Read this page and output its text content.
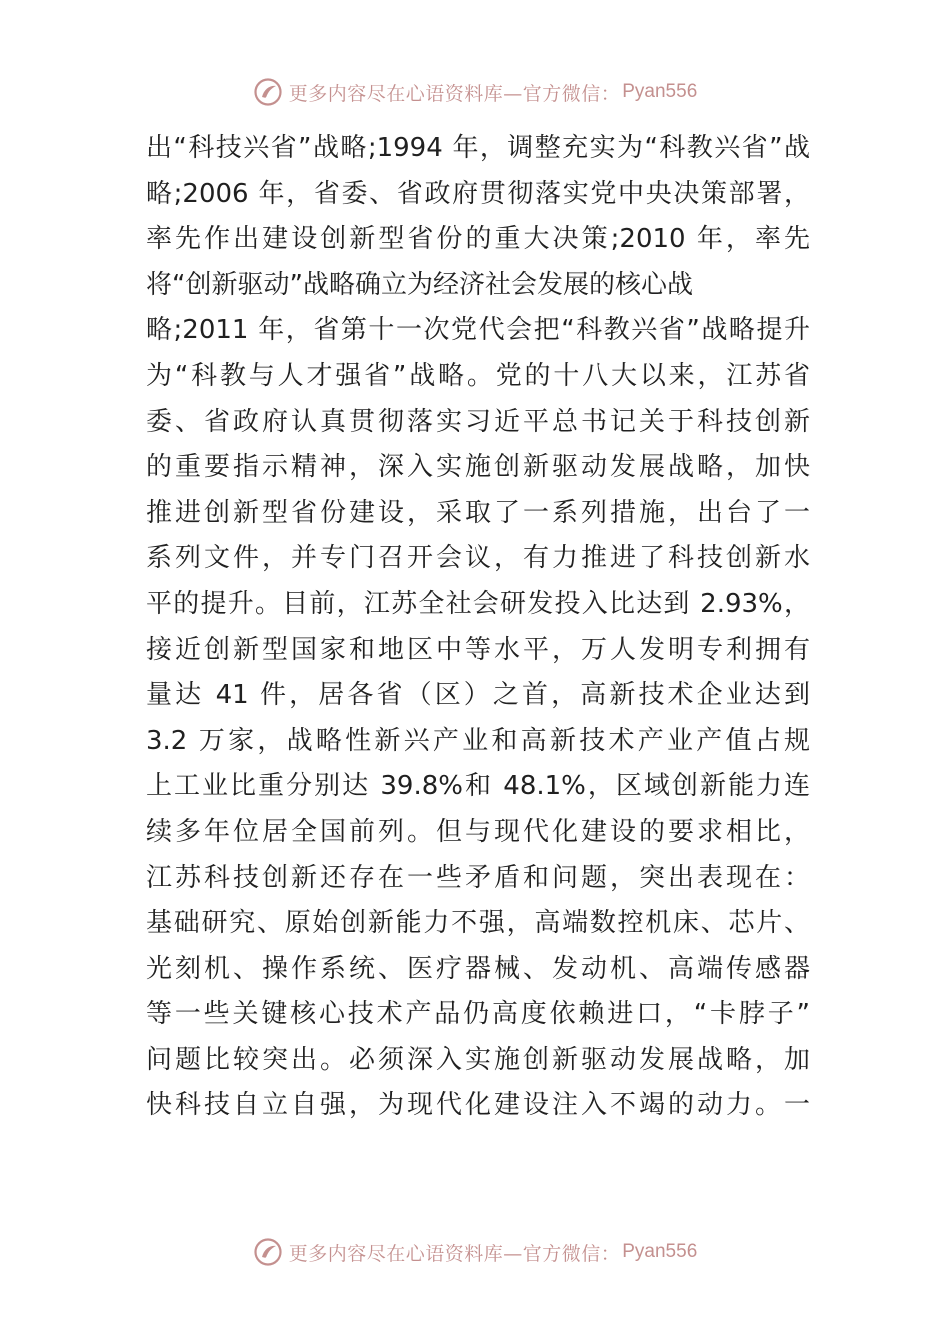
更多内容尽在心语资料库—官方微信： Pyan556
出“科技兴省”战略;1994 年，调整充实为“科教兴省”战
略;2006 年，省委、省政府贯彻落实党中央决策部署，
率先作出建设创新型省份的重大决策;2010 年，率先
将“创新驱动”战略确立为经济社会发展的核心战
略;2011 年，省第十一次党代会把“科教兴省”战略提升
为“科教与人才强省”战略。党的十八大以来，江苏省
委、省政府认真贯彻落实习近平总书记关于科技创新
的重要指示精神，深入实施创新驱动发展战略，加快
推进创新型省份建设，采取了一系列措施，出台了一
系列文件，并专门召开会议，有力推进了科技创新水
平的提升。目前，江苏全社会研发投入比达到 2.93%，
接近创新型国家和地区中等水平，万人发明专利拥有
量达 41 件，居各省（区）之首，高新技术企业达到
3.2 万家，战略性新兴产业和高新技术产业产值占规
上工业比重分别达 39.8%和 48.1%，区域创新能力连
续多年位居全国前列。但与现代化建设的要求相比，
江苏科技创新还存在一些矛盾和问题，突出表现在：
基础研究、原始创新能力不强，高端数控机床、芯片、
光刻机、操作系统、医疗器械、发动机、高端传感器
等一些关键核心技术产品仍高度依赖进口，“卡脖子”
问题比较突出。必须深入实施创新驱动发展战略，加
快科技自立自强，为现代化建设注入不竭的动力。一
更多内容尽在心语资料库—官方微信： Pyan556
